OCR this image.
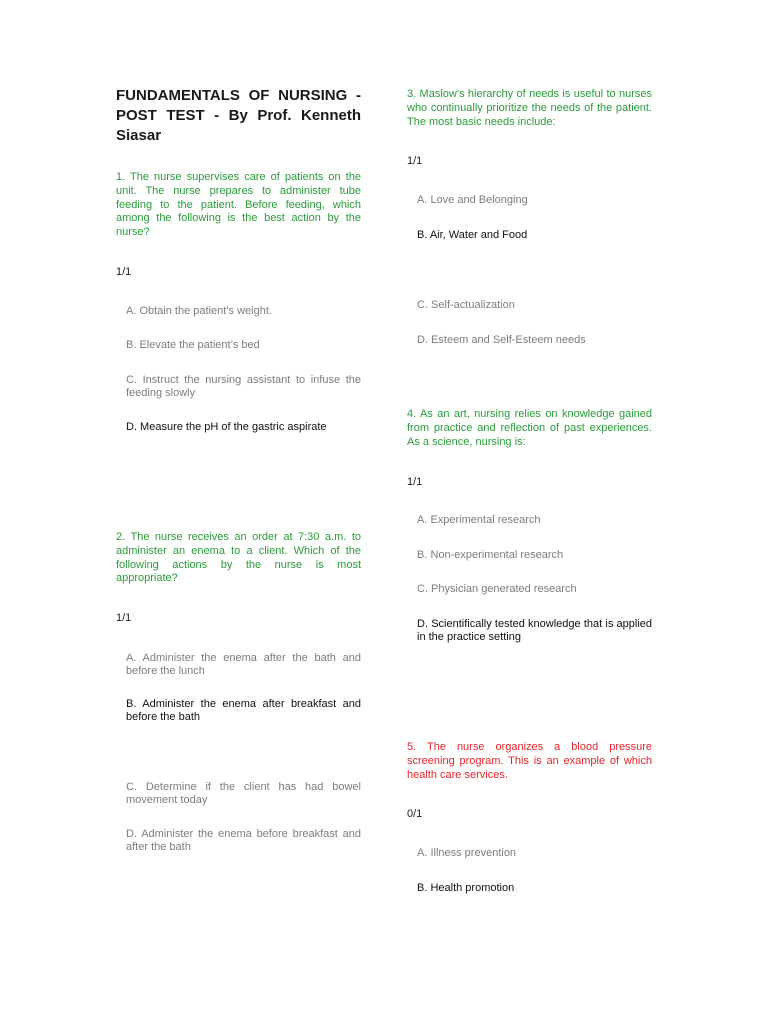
FUNDAMENTALS OF NURSING - POST TEST - By Prof. Kenneth Siasar

1. The nurse supervises care of patients on the unit. The nurse prepares to administer tube feeding to the patient. Before feeding, which among the following is the best action by the nurse?

1/1

A. Obtain the patient’s weight.

B. Elevate the patient’s bed

C. Instruct the nursing assistant to infuse the feeding slowly

D. Measure the pH of the gastric aspirate

2. The nurse receives an order at 7:30 a.m. to administer an enema to a client. Which of the following actions by the nurse is most appropriate?

1/1

A. Administer the enema after the bath and before the lunch

B. Administer the enema after breakfast and before the bath

C. Determine if the client has had bowel movement today

D. Administer the enema before breakfast and after the bath

3. Maslow’s hierarchy of needs is useful to nurses who continually prioritize the needs of the patient. The most basic needs include:

1/1

A. Love and Belonging

B. Air, Water and Food

C. Self-actualization

D. Esteem and Self-Esteem needs

4. As an art, nursing relies on knowledge gained from practice and reflection of past experiences. As a science, nursing is:

1/1

A. Experimental research

B. Non-experimental research

C. Physician generated research

D. Scientifically tested knowledge that is applied in the practice setting

5. The nurse organizes a blood pressure screening program. This is an example of which health care services.

0/1

A. Illness prevention

B. Health promotion
